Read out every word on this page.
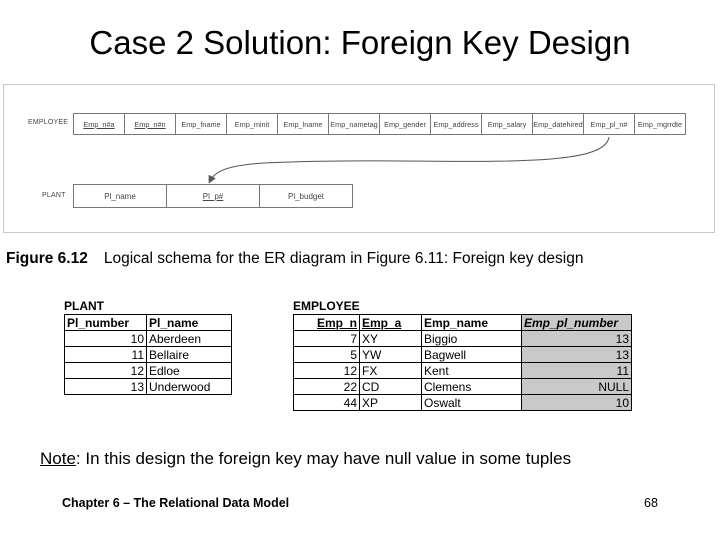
Case 2 Solution: Foreign Key Design
EMPLOYEE Emp_n#a	Emp_n#n	Emp_fname	Emp_minit	Emp_lname	Emp_nametag Emp_gender	Emp_address	Emp_salary Emp_datehired	Emp_pl_n#	Emp_mgrrdte
PLANT	Pl_name	Pl_p#	Pl_budget
Figure 6.12 Logical schema for the ER diagram in Figure 6.11: Foreign key design
PLANT
Pl_number	Pl_name
10	Aberdeen
11	Bellaire
12	Edloe
13	Underwood
EMPLOYEE
Emp_n	Emp_a	Emp_name	Emp_pl_number
7	XY	Biggio	13
5	YW	Bagwell	13
12	FX	Kent	11
22	CD	Clemens	NULL
44	XP	Oswalt	10
Note: In this design the foreign key may have null value in some tuples
Chapter 6 – The Relational Data Model	68
